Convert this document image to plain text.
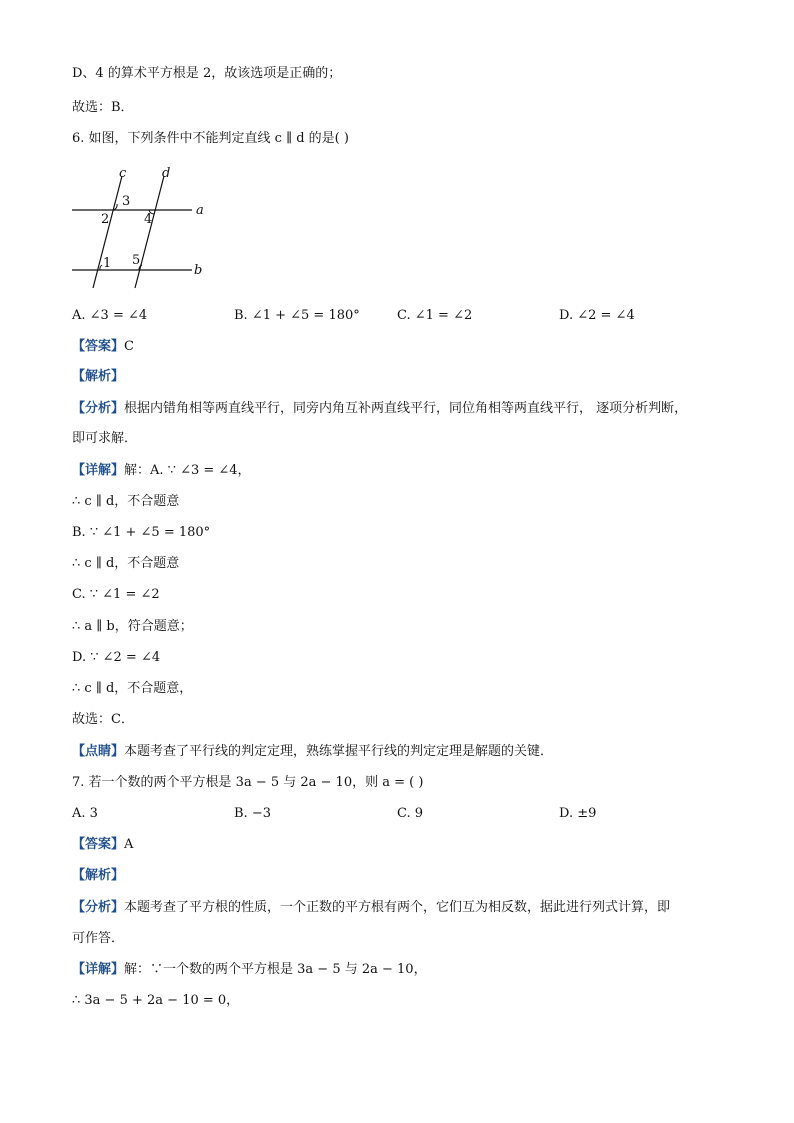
D、4 的算术平方根是 2，故该选项是正确的；
故选：B．
6. 如图，下列条件中不能判定直线 c ∥ d 的是( )
c	d
a
b
3
2	4
1 5
A. ∠3 = ∠4	B. ∠1 + ∠5 = 180°	C. ∠1 = ∠2	D. ∠2 = ∠4
【答案】C
【解析】
【分析】根据内错角相等两直线平行，同旁内角互补两直线平行，同位角相等两直线平行， 逐项分析判断，
即可求解．
【详解】解：A. ∵ ∠3 = ∠4，
∴ c ∥ d，不合题意
B. ∵ ∠1 + ∠5 = 180°
∴ c ∥ d，不合题意
C. ∵ ∠1 = ∠2
∴ a ∥ b，符合题意；
D. ∵ ∠2 = ∠4
∴ c ∥ d，不合题意，
故选：C．
【点睛】本题考查了平行线的判定定理，熟练掌握平行线的判定定理是解题的关键．
7. 若一个数的两个平方根是 3a − 5 与 2a − 10，则 a = ( )
A. 3	B. −3	C. 9	D. ±9
【答案】A
【解析】
【分析】本题考查了平方根的性质，一个正数的平方根有两个，它们互为相反数，据此进行列式计算，即
可作答．
【详解】解：∵一个数的两个平方根是 3a − 5 与 2a − 10，
∴ 3a − 5 + 2a − 10 = 0，
